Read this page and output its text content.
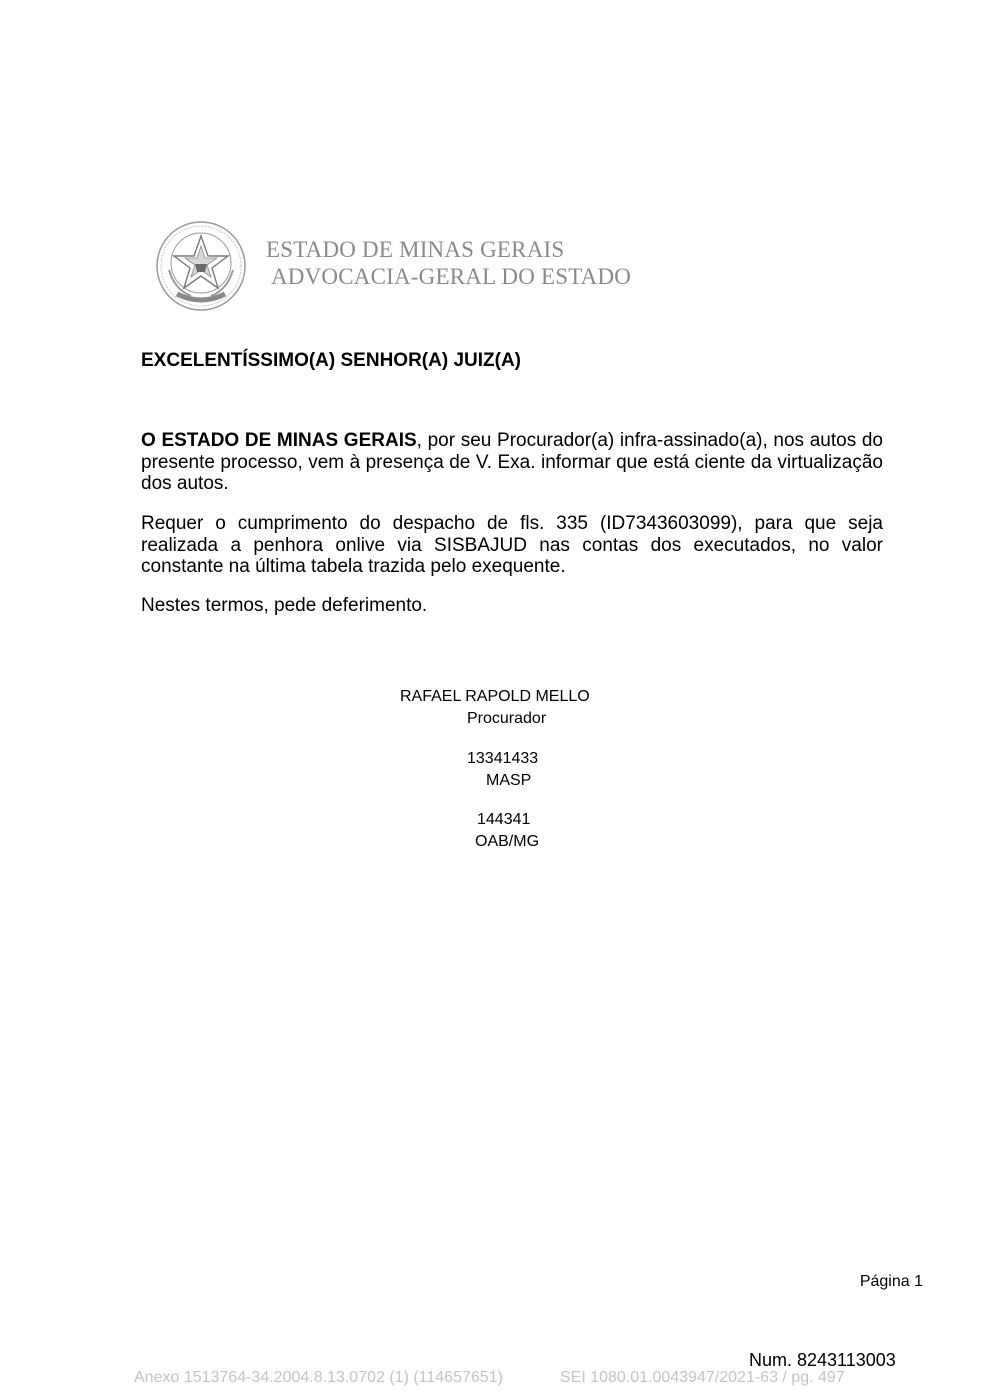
ESTADO DE MINAS GERAIS
ADVOCACIA-GERAL DO ESTADO
EXCELENTÍSSIMO(A) SENHOR(A) JUIZ(A)
O ESTADO DE MINAS GERAIS, por seu Procurador(a) infra-assinado(a), nos autos do presente processo, vem à presença de V. Exa. informar que está ciente da virtualização dos autos.
Requer o cumprimento do despacho de fls. 335 (ID7343603099), para que seja realizada a penhora onlive via SISBAJUD nas contas dos executados, no valor constante na última tabela trazida pelo exequente.
Nestes termos, pede deferimento.
RAFAEL RAPOLD MELLO
Procurador
13341433
MASP
144341
OAB/MG
Página 1
Num. 8243113003
Anexo 1513764-34.2004.8.13.0702 (1) (114657651)	SEI 1080.01.0043947/2021-63 / pg. 497
